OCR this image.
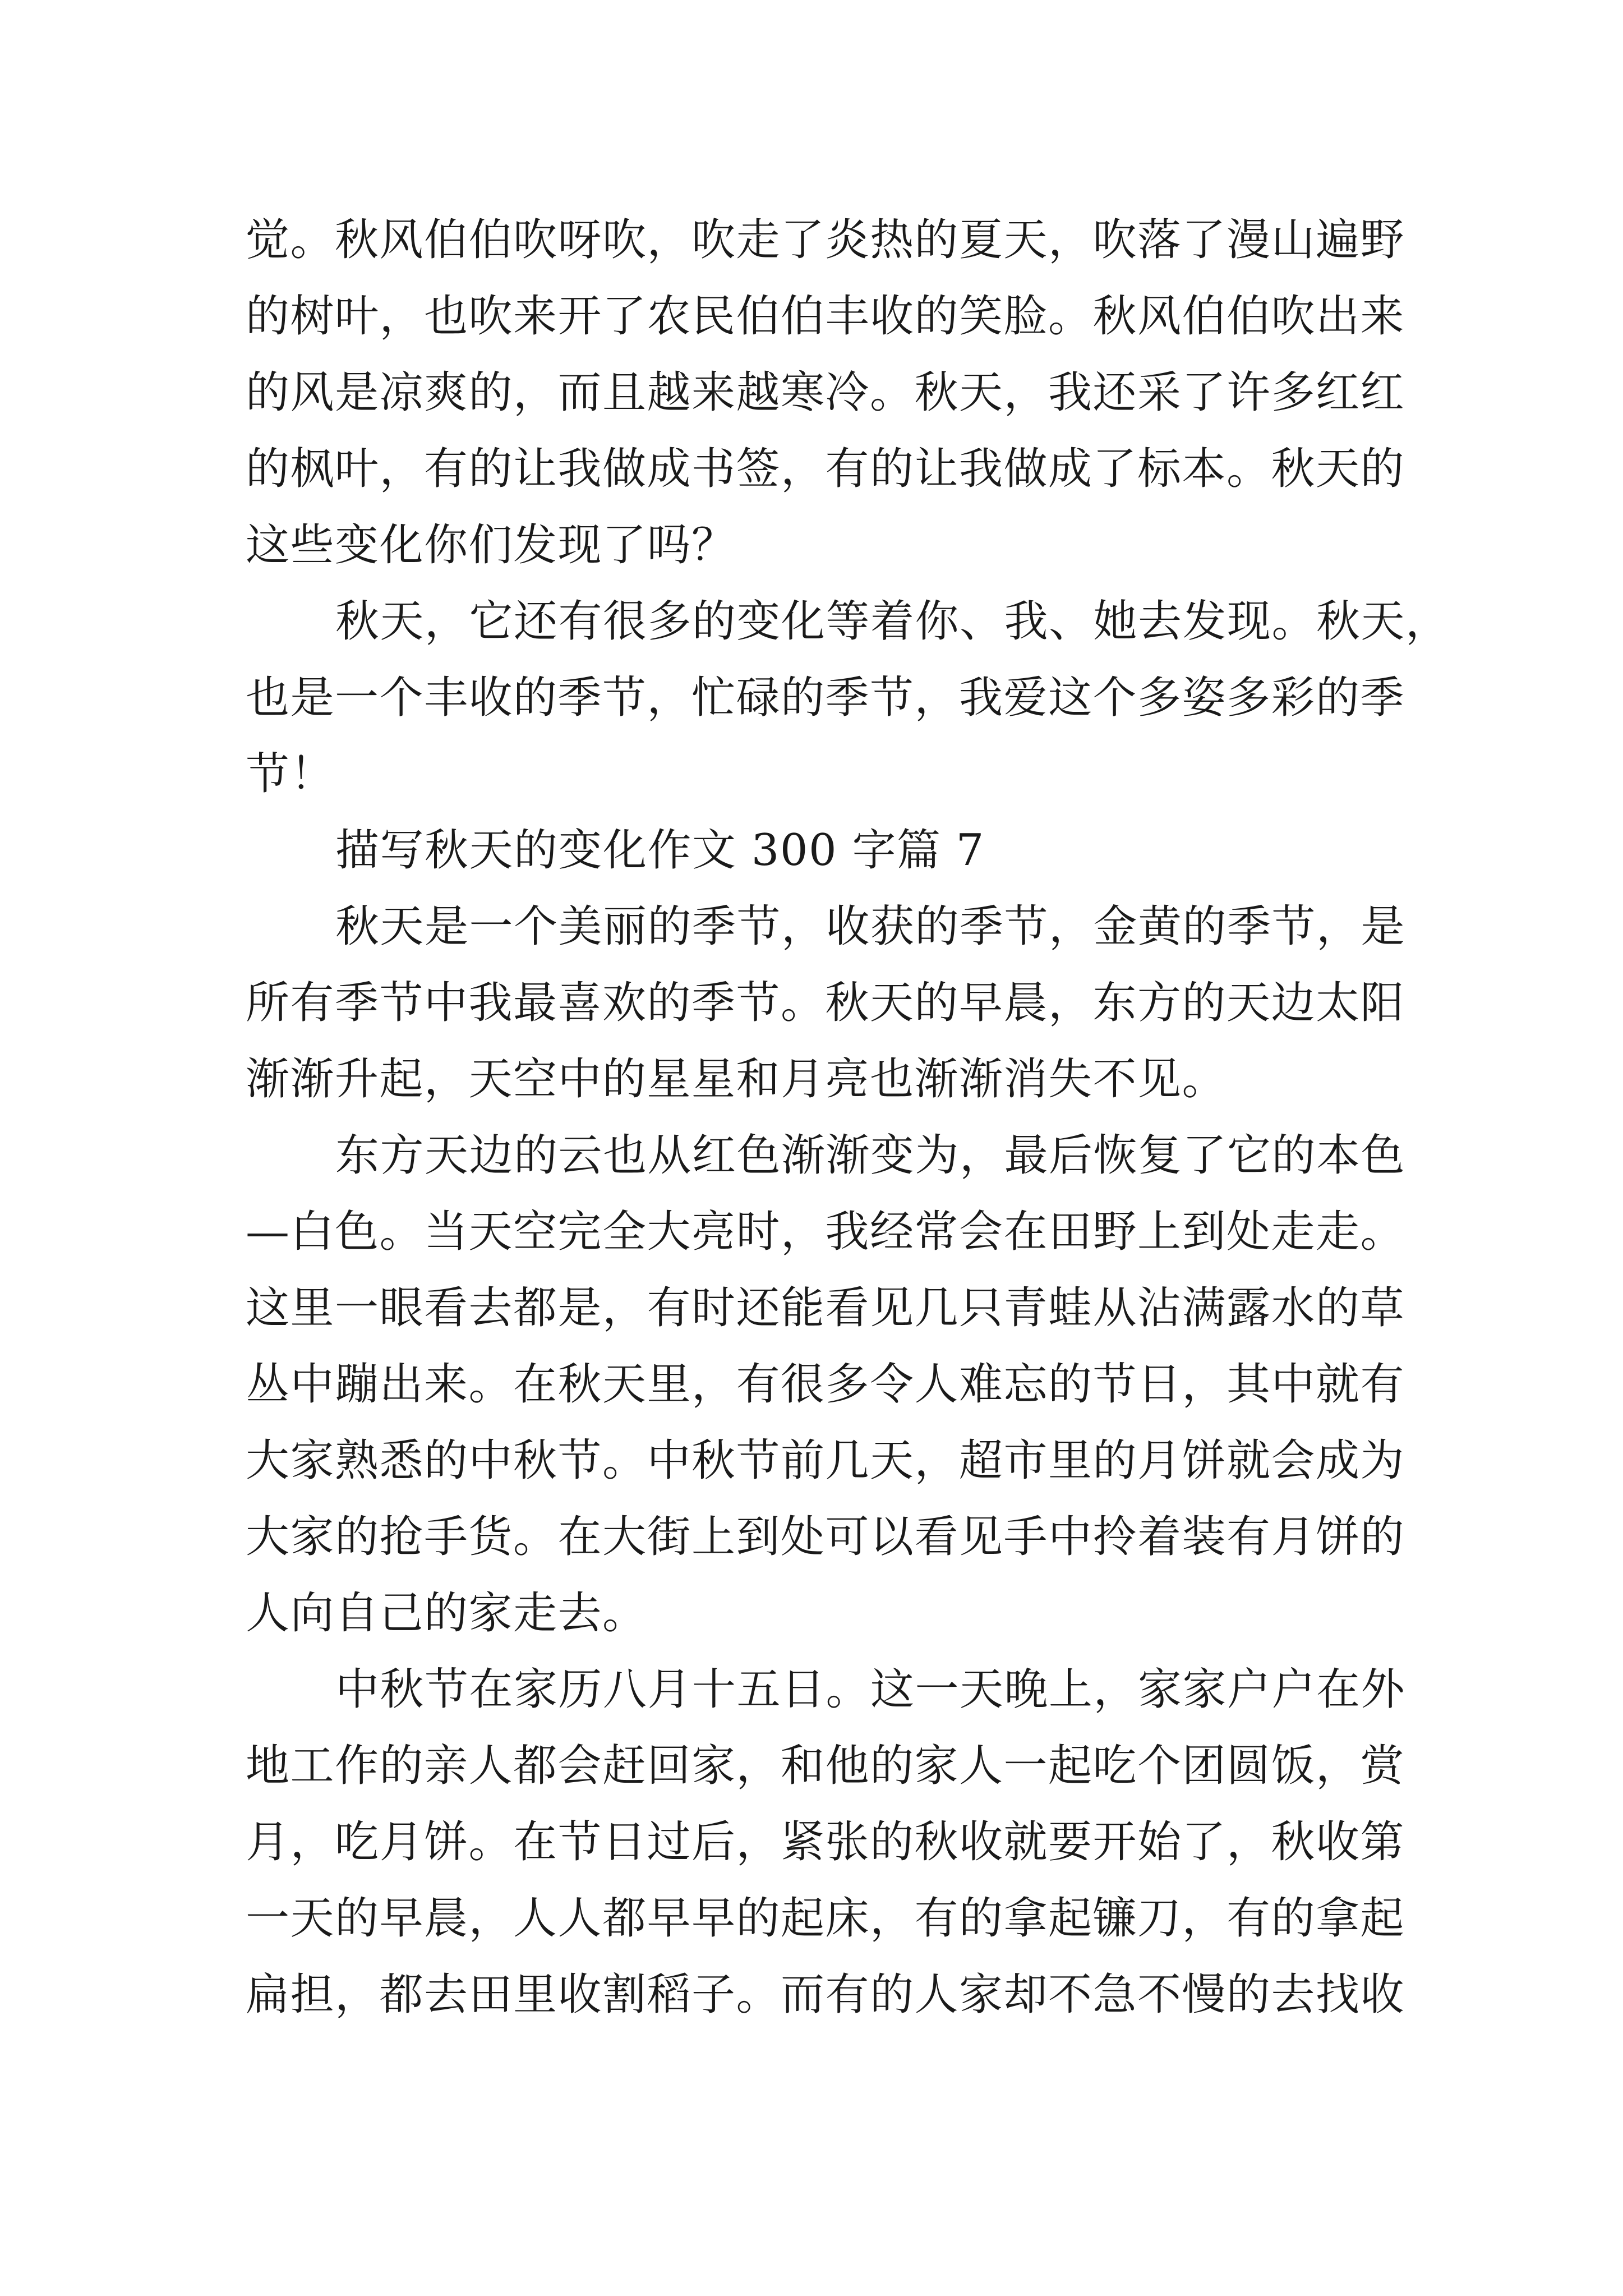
觉。秋风伯伯吹呀吹，吹走了炎热的夏天，吹落了漫山遍野
的树叶，也吹来开了农民伯伯丰收的笑脸。秋风伯伯吹出来
的风是凉爽的，而且越来越寒冷。秋天，我还采了许多红红
的枫叶，有的让我做成书签，有的让我做成了标本。秋天的
这些变化你们发现了吗？
秋天，它还有很多的变化等着你、我、她去发现。秋天，
也是一个丰收的季节，忙碌的季节，我爱这个多姿多彩的季
节！
描写秋天的变化作文 300 字篇 7
秋天是一个美丽的季节，收获的季节，金黄的季节，是
所有季节中我最喜欢的季节。秋天的早晨，东方的天边太阳
渐渐升起，天空中的星星和月亮也渐渐消失不见。
东方天边的云也从红色渐渐变为，最后恢复了它的本色
—白色。当天空完全大亮时，我经常会在田野上到处走走。
这里一眼看去都是，有时还能看见几只青蛙从沾满露水的草
丛中蹦出来。在秋天里，有很多令人难忘的节日，其中就有
大家熟悉的中秋节。中秋节前几天，超市里的月饼就会成为
大家的抢手货。在大街上到处可以看见手中拎着装有月饼的
人向自己的家走去。
中秋节在家历八月十五日。这一天晚上，家家户户在外
地工作的亲人都会赶回家，和他的家人一起吃个团圆饭，赏
月，吃月饼。在节日过后，紧张的秋收就要开始了，秋收第
一天的早晨，人人都早早的起床，有的拿起镰刀，有的拿起
扁担，都去田里收割稻子。而有的人家却不急不慢的去找收
